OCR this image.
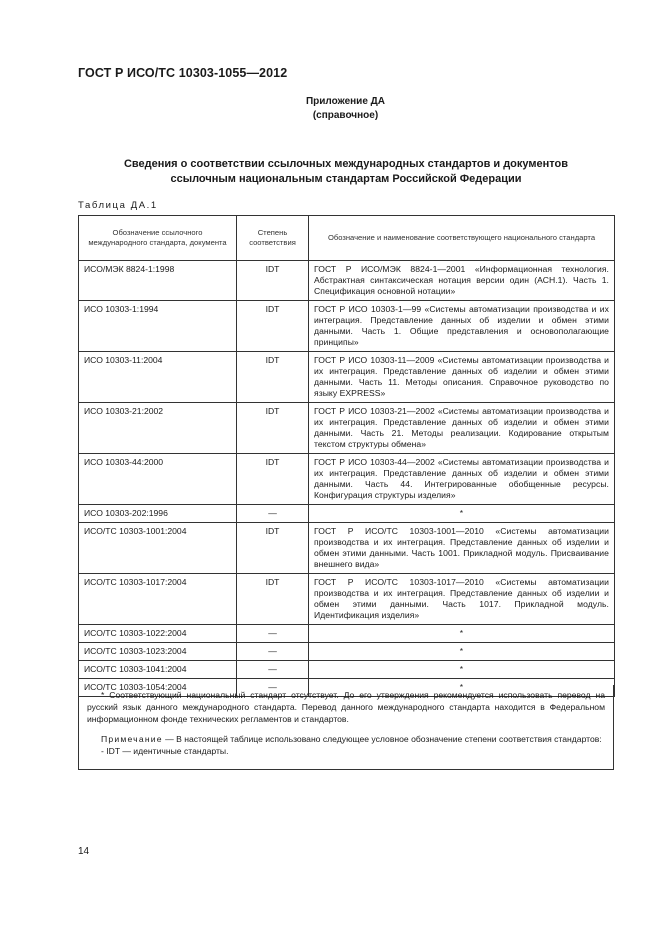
ГОСТ Р ИСО/ТС 10303-1055—2012
Приложение ДА
(справочное)
Сведения о соответствии ссылочных международных стандартов и документов
ссылочным национальным стандартам Российской Федерации
Таблица ДА.1
Обозначение ссылочного международного стандарта, документа	Степень соответствия	Обозначение и наименование соответствующего национального стандарта
ИСО/МЭК 8824-1:1998	IDT	ГОСТ Р ИСО/МЭК 8824-1—2001 «Информационная технология. Абстрактная синтаксическая нотация версии один (АСН.1). Часть 1. Спецификация основной нотации»
ИСО 10303-1:1994	IDT	ГОСТ Р ИСО 10303-1—99 «Системы автоматизации производства и их интеграция. Представление данных об изделии и обмен этими данными. Часть 1. Общие представления и основополагающие принципы»
ИСО 10303-11:2004	IDT	ГОСТ Р ИСО 10303-11—2009 «Системы автоматизации производства и их интеграция. Представление данных об изделии и обмен этими данными. Часть 11. Методы описания. Справочное руководство по языку EXPRESS»
ИСО 10303-21:2002	IDT	ГОСТ Р ИСО 10303-21—2002 «Системы автоматизации производства и их интеграция. Представление данных об изделии и обмен этими данными. Часть 21. Методы реализации. Кодирование открытым текстом структуры обмена»
ИСО 10303-44:2000	IDT	ГОСТ Р ИСО 10303-44—2002 «Системы автоматизации производства и их интеграция. Представление данных об изделии и обмен этими данными. Часть 44. Интегрированные обобщенные ресурсы. Конфигурация структуры изделия»
ИСО 10303-202:1996	—	*
ИСО/ТС 10303-1001:2004	IDT	ГОСТ Р ИСО/ТС 10303-1001—2010 «Системы автоматизации производства и их интеграция. Представление данных об изделии и обмен этими данными. Часть 1001. Прикладной модуль. Присваивание внешнего вида»
ИСО/ТС 10303-1017:2004	IDT	ГОСТ Р ИСО/ТС 10303-1017—2010 «Системы автоматизации производства и их интеграция. Представление данных об изделии и обмен этими данными. Часть 1017. Прикладной модуль. Идентификация изделия»
ИСО/ТС 10303-1022:2004	—	*
ИСО/ТС 10303-1023:2004	—	*
ИСО/ТС 10303-1041:2004	—	*
ИСО/ТС 10303-1054:2004	—	*

* Соответствующий национальный стандарт отсутствует. До его утверждения рекомендуется использовать перевод на русский язык данного международного стандарта. Перевод данного международного стандарта находится в Федеральном информационном фонде технических регламентов и стандартов.

Примечание — В настоящей таблице использовано следующее условное обозначение степени соответствия стандартов:

- IDT — идентичные стандарты.

14
